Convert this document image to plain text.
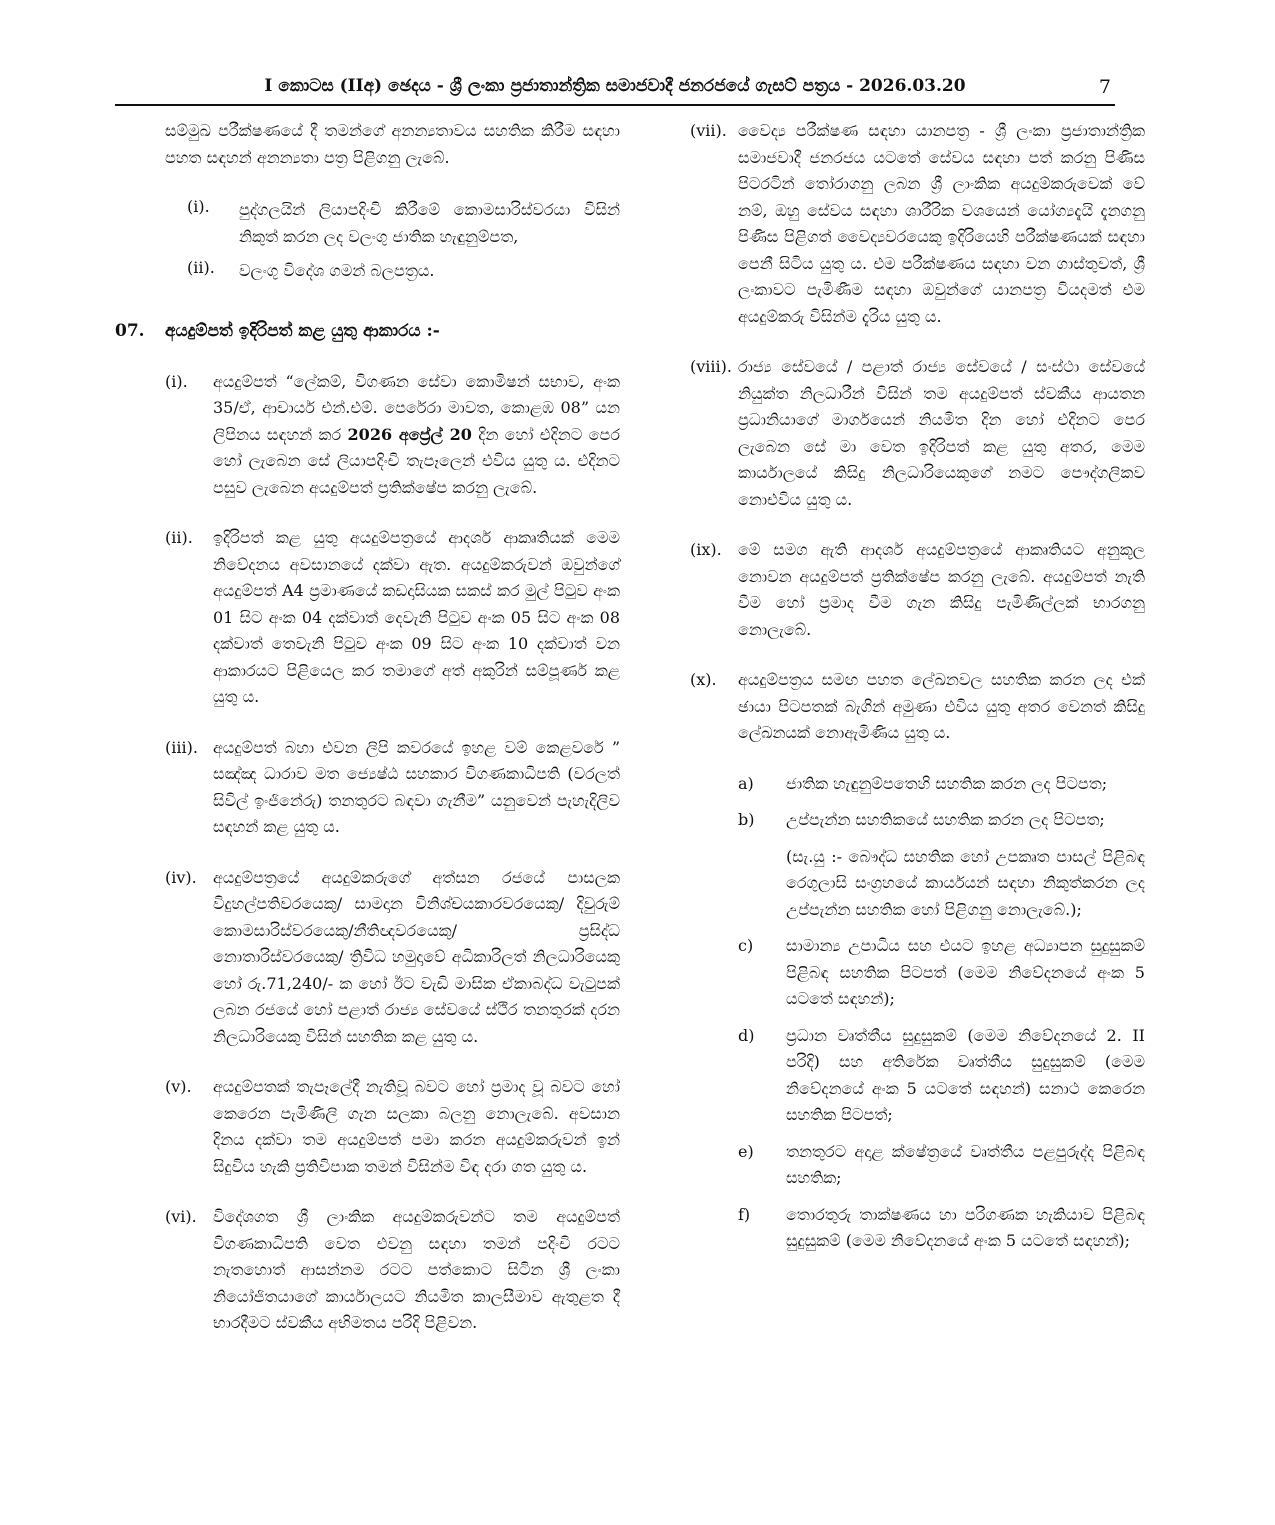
I කොටස (IIඅ) ඡෙදය - ශ්‍රී ලංකා ප්‍රජාතාන්ත්‍රික සමාජවාදී ජනරජයේ ගැසට් පත්‍රය - 2026.03.20	7

සම්මුඛ පරීක්ෂණයේ දී තමන්ගේ අනන්‍යතාවය සහතික කිරීම සඳහා පහත සඳහන් අනන්‍යතා පත්‍ර පිළිගනු ලැබේ.

(i).	පුද්ගලයින් ලියාපදිංචි කිරීමේ කොමසාරිස්වරයා විසින් නිකුත් කරන ලද වලංගු ජාතික හැඳුනුම්පත,

(ii).	වලංගු විදේශ ගමන් බලපත්‍රය.

07.	අයදුම්පත් ඉදිරිපත් කළ යුතු ආකාරය :-
(i).	අයදුම්පත් “ලේකම්, විගණන සේවා කොමිෂන් සභාව, අංක 35/ඒ, ආචාර්ය එන්.එම්. පෙරේරා මාවත, කොළඹ 08” යන ලිපිනය සඳහන් කර 2026 අප්‍රේල් 20 දින හෝ එදිනට පෙර හෝ ලැබෙන සේ ලියාපදිංචි තැපෑලෙන් එවිය යුතු ය. එදිනට පසුව ලැබෙන අයදුම්පත් ප්‍රතික්ෂේප කරනු ලැබේ.

(ii).	ඉදිරිපත් කළ යුතු අයදුම්පත්‍රයේ ආදර්ශ ආකෘතියක් මෙම නිවේදනය අවසානයේ දක්වා ඇත. අයදුම්කරුවන් ඔවුන්ගේ අයදුම්පත් A4 ප්‍රමාණයේ කඩදාසියක සකස් කර මුල් පිටුව අංක 01 සිට අංක 04 දක්වාත් දෙවැනි පිටුව අංක 05 සිට අංක 08 දක්වාත් තෙවැනි පිටුව අංක 09 සිට අංක 10 දක්වාත් වන ආකාරයට පිළියෙල කර තමාගේ අත් අකුරින් සම්පූර්ණ කළ යුතු ය.

(iii). අයදුම්පත් බහා එවන ලිපි කවරයේ ඉහළ වම් කෙළවරේ ” සඤ්ඤ ධාරාව මත ජ්‍යෙෂ්ඨ සහකාර විගණකාධිපති (වරලත් සිවිල් ඉංජිනේරු) තනතුරට බඳවා ගැනීම” යනුවෙන් පැහැදිලිව සඳහන් කළ යුතු ය.

(iv).	අයදුම්පත්‍රයේ අයදුම්කරුගේ අත්සන රජයේ පාසලක විදුහල්පතිවරයෙකු/ සාමදාන විනිශ්චයකාරවරයෙකු/ දිවුරුම් කොමසාරිස්වරයෙකු/නීතිඥවරයෙකු/ ප්‍රසිද්ධ නොතාරිස්වරයෙකු/ ත්‍රිවිධ හමුදාවේ අධිකාරිලත් නිලධාරියෙකු හෝ රු.71,240/- ක හෝ ඊට වැඩි මාසික ඒකාබද්ධ වැටුපක් ලබන රජයේ හෝ පළාත් රාජ්‍ය සේවයේ ස්ථිර තනතුරක් දරන නිලධාරියෙකු විසින් සහතික කළ යුතු ය.

(v).	අයදුම්පතක් තැපෑලේදී නැතිවූ බවට හෝ ප්‍රමාද වූ බවට හෝ කෙරෙන පැමිණිලි ගැන සලකා බලනු නොලැබේ. අවසාන දිනය දක්වා තම අයදුම්පත් පමා කරන අයදුම්කරුවන් ඉන් සිදුවිය හැකි ප්‍රතිවිපාක තමන් විසින්ම විඳ දරා ගත යුතු ය.

(vi).	විදේශගත ශ්‍රී ලාංකික අයදුම්කරුවන්ට තම අයදුම්පත් විගණකාධිපති වෙත එවනු සඳහා තමන් පදිංචි රටට නැතහොත් ආසන්නම රටට පත්කොට සිටින ශ්‍රී ලංකා නියෝජිතයාගේ කාර්යාලයට නියමිත කාලසීමාව ඇතුළත දී භාරදීමට ස්වකීය අභිමතය පරිදි පිළිවන.

(vii). වෛද්‍ය පරීක්ෂණ සඳහා යානපත්‍ර - ශ්‍රී ලංකා ප්‍රජාතාන්ත්‍රික සමාජවාදී ජනරජය යටතේ සේවය සඳහා පත් කරනු පිණිස පිටරටින් තෝරාගනු ලබන ශ්‍රී ලාංකික අයදුම්කරුවෙක් වේ නම්, ඔහු සේවය සඳහා ශාරීරික වශයෙන් යෝග්‍යදැයි දැනගනු පිණිස පිළිගත් වෛද්‍යවරයෙකු ඉදිරියෙහි පරීක්ෂණයක් සඳහා පෙනී සිටිය යුතු ය. එම පරීක්ෂණය සඳහා වන ගාස්තුවත්, ශ්‍රී ලංකාවට පැමිණීම සඳහා ඔවුන්ගේ යානපත්‍ර වියදමත් එම අයදුම්කරු විසින්ම දැරිය යුතු ය.

(viii). රාජ්‍ය සේවයේ / පළාත් රාජ්‍ය සේවයේ / සංස්ථා සේවයේ නියුක්ත නිලධාරීන් විසින් තම අයදුම්පත් ස්වකීය ආයතන ප්‍රධානියාගේ මාර්ගයෙන් නියමිත දින හෝ එදිනට පෙර ලැබෙන සේ මා වෙත ඉදිරිපත් කළ යුතු අතර, මෙම කාර්යාලයේ කිසිදු නිලධාරියෙකුගේ නමට පෞද්ගලිකව නොඑවිය යුතු ය.

(ix).	මේ සමග ඇති ආදර්ශ අයදුම්පත්‍රයේ ආකෘතියට අනුකූල නොවන අයදුම්පත් ප්‍රතික්ෂේප කරනු ලැබේ. අයදුම්පත් නැති වීම හෝ ප්‍රමාද වීම ගැන කිසිදු පැමිණිල්ලක් භාරගනු නොලැබේ.

(x).	අයදුම්පත්‍රය සමඟ පහත ලේඛනවල සහතික කරන ලද එක් ඡායා පිටපතක් බැගින් අමුණා එවිය යුතු අතර වෙනත් කිසිදු ලේඛනයක් නොඇමිණිය යුතු ය.

a)	ජාතික හැඳුනුම්පතෙහි සහතික කරන ලද පිටපත;

b)	උප්පැන්න සහතිකයේ සහතික කරන ලද පිටපත;

(සැ.යු :- බෞද්ධ සහතික හෝ උපකෘත පාසල් පිළිබඳ රෙගුලාසි සංග්‍රහයේ කාර්යයන් සඳහා නිකුත්කරන ලද උප්පැන්න සහතික හෝ පිළිගනු නොලැබේ.);

c)	සාමාන්‍ය උපාධිය සහ එයට ඉහළ අධ්‍යාපන සුදුසුකම් පිළිබඳ සහතික පිටපත් (මෙම නිවේදනයේ අංක 5 යටතේ සඳහන්);

d)	ප්‍රධාන වෘත්තීය සුදුසුකම් (මෙම නිවේදනයේ 2. II පරිදි) සහ අතිරේක වෘත්තීය සුදුසුකම් (මෙම නිවේදනයේ අංක 5 යටතේ සඳහන්) සනාථ කෙරෙන සහතික පිටපත්;

e)	තනතුරට අදාළ ක්ෂේත්‍රයේ වෘත්තීය පළපුරුද්ද පිළිබඳ සහතික;

f)	තොරතුරු තාක්ෂණය හා පරිගණක හැකියාව පිළිබඳ සුදුසුකම් (මෙම නිවේදනයේ අංක 5 යටතේ සඳහන්);
